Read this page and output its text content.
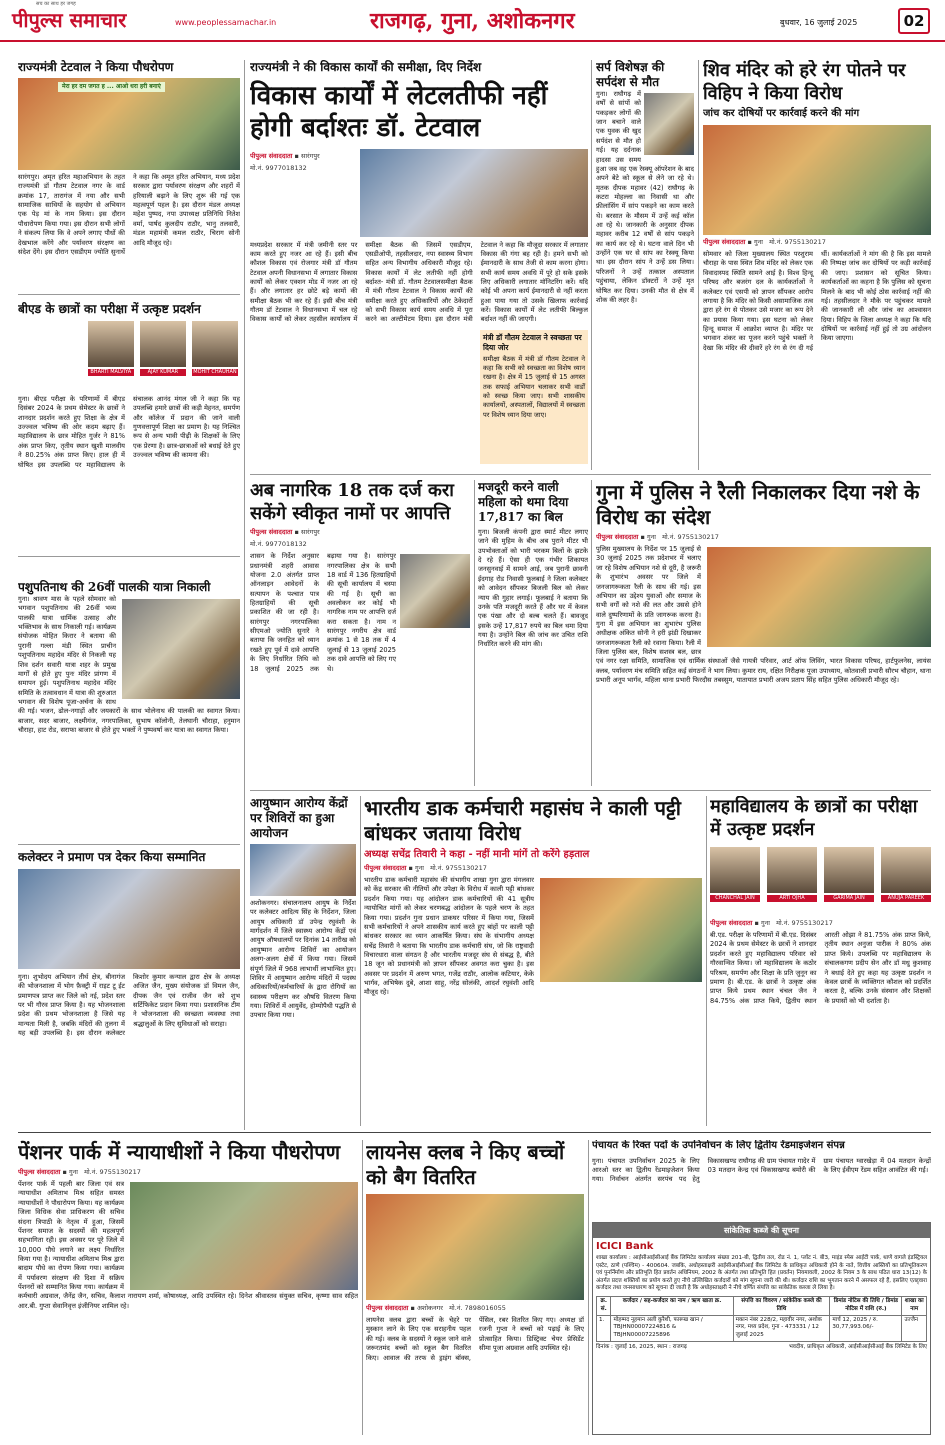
सच का साथ हर जगह
पीपुल्स समाचार	www.peoplessamachar.in	राजगढ़, गुना, अशोकनगर	बुधवार, 16 जुलाई 2025	02
राज्यमंत्री टेटवाल ने किया पौधरोपण
मेरा हर दम जगत ह ... आओ धरा हरी बनाएं
सारंगपुर। अमृत हरित महाअभियान के तहत राज्यमंत्री डॉ गौतम टेटवाल नगर के वार्ड क्रमांक 17, तारागंज में नया और सभी सामाजिक साथियों के सहयोग से अभियान एक पेड़ मां के नाम किया। इस दौरान पौधारोपण किया गया। इस दौरान सभी लोगों ने संकल्प लिया कि वे अपने लगाए पौधों की देखभाल करेंगे और पर्यावरण संरक्षण का संदेश देंगे। इस दौरान एसडीएम ज्योति सुनार्थे ने कहा कि अमृत हरित अभियान, मध्य प्रदेश सरकार द्वारा पर्यावरण संरक्षण और शहरों में हरियाली बढ़ाने के लिए शुरू की गई एक महत्वपूर्ण पहल है। इस दौरान मंडल अध्यक्ष महेश पुष्पद, नपा उपाध्यक्ष प्रतिनिधि नितेश वर्मा, पार्षद कुलदीप राठौर, भानु तलवारी, मंडल महामंत्री कमल राठौर, चिराग सोनी आदि मौजूद रहे।
बीएड के छात्रों का परीक्षा में उत्कृष्ट प्रदर्शन
BHARTI MALVIYA
	AJAY KUMAR
	MOHIT CHAUHAN
गुना। बीएड परीक्षा के परिणामों में बीएड दिसंबर 2024 के प्रथम सेमेस्टर के छात्रों ने शानदार प्रदर्शन करते हुए शिक्षा के क्षेत्र में उज्ज्वल भविष्य की ओर कदम बढ़ाए हैं। महाविद्यालय के छात्र मोहित गुर्जर ने 81% अंक प्राप्त किए, तृतीय स्थान खुशी मालवीय ने 80.25% अंक प्राप्त किए। हाल ही में घोषित इस उपलब्धि पर महाविद्यालय के संचालक आनंद मंगल जी ने कहा कि यह उपलब्धि हमारे छात्रों की कड़ी मेहनत, समर्पण और कॉलेज में प्रदान की जाने वाली गुणवत्तापूर्ण शिक्षा का प्रमाण है। यह निश्चित रूप से अन्य भावी पीढ़ी के शिक्षकों के लिए एक प्रेरणा है। छात्र-छात्राओं को बधाई देते हुए उज्ज्वल भविष्य की कामना की।
पशुपतिनाथ की 26वीं पालकी यात्रा निकाली
गुना। श्रावण मास के पहले सोमवार को भगवान पशुपतिनाथ की 26वीं भव्य पालकी यात्रा धार्मिक उत्साह और भक्तिभाव के साथ निकाली गई। कार्यक्रम संयोजक मोहित किरार ने बताया की पुरानी गल्ला मंडी स्थित प्राचीन पशुपतिनाथ महादेव मंदिर से निकली यह शिव दर्शन सवारी यात्रा शहर के प्रमुख मार्गों से होते हुए पुनः मंदिर प्रांगण में समापन हुई। पशुपतिनाथ महादेव मंदिर समिति के तत्वावधान में यात्रा की शुरुआत भगवान की विशेष पूजा-अर्चना के साथ की गई। भजन, ढोल-नगाड़ों और जयकारों के साथ भोलेनाथ की पालकी का स्वागत किया। बाजार, सदर बाजार, लक्ष्मीगंज, नगरपालिका, सुभाष कॉलोनी, तेलघानी चौराहा, हनुमान चौराहा, हाट रोड, सराफा बाजार से होते हुए भक्तों ने पुष्पवर्षा कर यात्रा का स्वागत किया।
कलेक्टर ने प्रमाण पत्र देकर किया सम्मानित
गुना। शुभोदय अभियान तीर्थ क्षेत्र, बीनागंज की भोजनशाला में भोग फ़ैक्ट्री में राइट टू ईट प्रमाणपत्र प्राप्त कर जिले को नई, प्रदेश स्तर पर भी गौरव प्राप्त किया है। यह भोजनशाला प्रदेश की प्रथम भोजनशाला है जिसे यह मान्यता मिली है, जबकि मंदिरों की तुलना में यह बड़ी उपलब्धि है। इस दौरान कलेक्टर किशोर कुमार कन्याल द्वारा क्षेत्र के अध्यक्ष अजित जैन, मुख्य संयोजक डॉ विमल जैन, दीपक जैन एवं राजीव जैन को शुभ सर्टिफिकेट प्रदान किया गया। प्रशासनिक टीम ने भोजनशाला की स्वच्छता व्यवस्था तथा श्रद्धालुओं के लिए सुविधाओं को सराहा।
राज्यमंत्री ने की विकास कार्यों की समीक्षा, दिए निर्देश
विकास कार्यों में लेटलतीफी नहीं होगी बर्दाश्तः डॉ. टेटवाल
पीपुल्स संवाददाता ▪ सारंगपुर
मो.नं. 9977018132
मध्यप्रदेश सरकार में मंत्री जमीनी स्तर पर काम करते हुए नजर आ रहे हैं। इसी बीच कौशल विकास एवं रोजगार मंत्री डॉ गौतम टेटवाल अपनी विधानसभा में लगातार विकास कार्यों को लेकर एक्शन मोड में नजर आ रहे हैं। और लगातार हर छोटे बड़े कामों की समीक्षा बैठक भी कर रहे हैं। इसी बीच मंत्री गौतम डॉ टेटवाल ने विधानसभा में चल रहे विकास कार्यों को लेकर तहसील कार्यालय में समीक्षा बैठक की जिसमें एसडीएम, एसडीओपी, तहसीलदार, नपा स्वास्थ्य विभाग सहित अन्य विभागीय अधिकारी मौजूद रहे। विकास कार्यों में लेट लतीफी नहीं होगी बर्दाश्त- मंत्री डॉ. गौतम टेटवालसमीक्षा बैठक में मंत्री गौतम टेटवाल ने विकास कार्यों की समीक्षा करते हुए अधिकारियों और ठेकेदारों को सभी विकास कार्य समय अवधि में पूरा करने का अल्टीमेटम दिया। इस दौरान मंत्री टेटवाल ने कहा कि मौजूदा सरकार में लगातार विकास की गंगा बह रही है। हमने सभी को ईमानदारी के साथ तेजी से काम करना होगा। सभी कार्य समय अवधि में पूरे हो सके इसके लिए अधिकारी लगातार मॉनिटरिंग करें। यदि कोई भी अपना कार्य ईमानदारी से नहीं करता हुआ पाया गया तो उसके खिलाफ कार्रवाई करें। विकास कार्यों में लेट लतीफी बिल्कुल बर्दाश्त नहीं की जाएगी।
मंत्री डॉ गौतम टेटवाल ने स्वच्छता पर दिया जोर
समीक्षा बैठक में मंत्री डॉ गौतम टेटवाल ने कहा कि सभी को स्वच्छता का विशेष ध्यान रखना है। क्षेत्र में 15 जुलाई से 15 अगस्त तक सफाई अभियान चलाकर सभी वार्डों को स्वच्छ किया जाए। सभी शासकीय कार्यालयों, अस्पतालों, विद्यालयों में स्वच्छता पर विशेष ध्यान दिया जाए।
सर्प विशेषज्ञ की सर्पदंश से मौत
गुना। राघौगढ़ में वर्षों से सांपों को पकड़कर लोगों की जान बचाने वाले एक युवक की खुद सर्पदंश से मौत हो गई। यह दर्दनाक हादसा उस समय हुआ जब वह एक रेस्क्यू ऑपरेशन के बाद अपने बेटे को स्कूल से लेने जा रहे थे। मृतक दीपक महावर (42) राघौगढ़ के कटरा मोहल्ला का निवासी था और फ्रीलांसिंग में सांप पकड़ने का काम करते थे। बरसात के मौसम में उन्हें कई कॉल आ रहे थे। जानकारी के अनुसार दीपक महावर करीब 12 वर्षों से सांप पकड़ने का कार्य कर रहे थे। घटना वाले दिन भी उन्होंने एक घर से सांप का रेस्क्यू किया था। इस दौरान सांप ने उन्हें डस लिया। परिजनों ने उन्हें तत्काल अस्पताल पहुंचाया, लेकिन डॉक्टरों ने उन्हें मृत घोषित कर दिया। उनकी मौत से क्षेत्र में शोक की लहर है।
शिव मंदिर को हरे रंग पोतने पर विहिप ने किया विरोध
जांच कर दोषियों पर कार्रवाई करने की मांग
पीपुल्स संवाददाता ▪ गुना मो.नं. 9755130217
सोमवार को जिला मुख्यालय स्थित परशुराम चौराहा के पास स्थित शिव मंदिर को लेकर एक विवादास्पद स्थिति सामने आई है। विश्व हिन्दू परिषद और बजरंग दल के कार्यकर्ताओं ने कलेक्टर एवं एसपी को ज्ञापन सौंपकर आरोप लगाया है कि मंदिर को किसी असामाजिक तत्व द्वारा हरे रंग से पोतकर उसे मजार का रूप देने का प्रयास किया गया। इस घटना को लेकर हिन्दू समाज में आक्रोश व्याप्त है। मंदिर पर भगवान शंकर का पूजन करने पहुंचे भक्तों ने देखा कि मंदिर की दीवारें हरे रंग से रंग दी गई थीं। कार्यकर्ताओं ने मांग की है कि इस मामले की निष्पक्ष जांच कर दोषियों पर कड़ी कार्रवाई की जाए। प्रशासन को सूचित किया। कार्यकर्ताओं का कहना है कि पुलिस को सूचना मिलने के बाद भी कोई ठोस कार्रवाई नहीं की गई। तहसीलदार ने मौके पर पहुंचकर मामले की जानकारी ली और जांच का आश्वासन दिया। विहिप के जिला अध्यक्ष ने कहा कि यदि दोषियों पर कार्रवाई नहीं हुई तो उग्र आंदोलन किया जाएगा।
अब नागरिक 18 तक दर्ज करा सकेंगे स्वीकृत नामों पर आपत्ति
पीपुल्स संवाददाता ▪ सारंगपुर
मो.नं. 9977018132
शासन के निर्देश अनुसार प्रधानमंत्री शहरी आवास योजना 2.0 अंतर्गत प्राप्त ऑनलाइन आवेदनों के सत्यापन के पश्चात पात्र हितग्राहियों की सूची प्रकाशित की जा रही है। सारंगपुर नगरपालिका सीएमओ ज्योति सुनारे ने बताया कि जनहित को ध्यान रखते हुए पूर्व में दावे आपत्ति के लिए निर्धारित तिथि को 18 जुलाई 2025 तक बढ़ाया गया है। सारंगपुर नगरपालिका क्षेत्र के सभी 18 वार्ड में 136 हितग्राहियों की सूची कार्यालय में चस्पा की गई है। सूची का अवलोकन कर कोई भी नागरिक नाम पर आपत्ति दर्ज करा सकता है। नाम न सारंगपुर नगरीय क्षेत्र वार्ड क्रमांक 1 से 18 तक में 4 जुलाई से 13 जुलाई 2025 तक दावे आपत्ति को लिए गए थे।
मजदूरी करने वाली महिला को थमा दिया 17,817 का बिल
गुना। बिजली कंपनी द्वारा स्मार्ट मीटर लगाए जाने की मुहिम के बीच अब पुराने मीटर भी उपभोक्ताओं को भारी भरकम बिलों के झटके दे रहे हैं। ऐसा ही एक गंभीर शिकायत जनसुनवाई में सामने आई, जब पुरानी छावनी ईदगाह रोड निवासी फूलबाई ने जिला कलेक्टर को आवेदन सौंपकर बिजली बिल को लेकर न्याय की गुहार लगाई। फूलबाई ने बताया कि उनके पति मजदूरी करते हैं और घर में केवल एक पंखा और दो बल्ब चलते हैं। बावजूद इसके उन्हें 17,817 रुपये का बिल थमा दिया गया है। उन्होंने बिल की जांच कर उचित राशि निर्धारित करने की मांग की।
गुना में पुलिस ने रैली निकालकर दिया नशे के विरोध का संदेश
पीपुल्स संवाददाता ▪ गुना मो.नं. 9755130217
पुलिस मुख्यालय के निर्देश पर 15 जुलाई से 30 जुलाई 2025 तक प्रदेशभर में चलाए जा रहे विशेष अभियान नशे से दूरी, है जरूरी के शुभारंभ अवसर पर जिले में जनजागरूकता रैली के साथ की गई। इस अभियान का उद्देश्य युवाओं और समाज के सभी वर्गों को नशे की लत और उससे होने वाले दुष्परिणामों के प्रति जागरूक करना है। गुना में इस अभियान का शुभारंभ पुलिस अधीक्षक अंकित सोनी ने हरी झंडी दिखाकर जनजागरूकता रैली को रवाना किया। रैली में जिला पुलिस बल, विशेष सशस्त्र बल, छात्र एवं नगर रक्षा समिति, सामाजिक एवं धार्मिक संस्थाओं जैसे गायत्री परिवार, आर्ट ऑफ लिविंग, भारत विकास परिषद, हार्टफुलनेस, लायंस क्लब, पर्यावरण मंच समिति सहित कई संगठनों ने भाग लिया। कुमार राय, रक्षित निरीक्षक पूजा उपाध्याय, कोतवाली प्रभारी सौरभ चौहान, थाना प्रभारी अनूप भार्गव, महिला थाना प्रभारी फिरदौस तबस्सुम, यातायात प्रभारी अजय प्रताप सिंह सहित पुलिस अधिकारी मौजूद रहे।
आयुष्मान आरोग्य केंद्रों पर शिविरों का हुआ आयोजन
अशोकनगर। संचालनालय आयुष के निर्देश पर कलेक्टर आदित्य सिंह के निर्देशन, जिला आयुष अधिकारी डॉ उपेन्द्र रघुवंशी के मार्गदर्शन में जिले स्वास्थ्य आरोग्य केंद्रों एवं आयुष औषधालयों पर दिनांक 14 तारीख को आयुष्मान आरोग्य शिविरों का आयोजन अलग-अलग क्षेत्रों में किया गया। जिसमें संपूर्ण जिले में 968 लाभार्थी लाभान्वित हुए। शिविर में आयुष्मान आरोग्य मंदिरों में पदस्थ अधिकारियों/कर्मचारियों के द्वारा रोगियों का स्वास्थ्य परीक्षण कर औषधि वितरण किया गया। शिविरों में आयुर्वेद, होम्योपैथी पद्धति से उपचार किया गया।
भारतीय डाक कर्मचारी महासंघ ने काली पट्टी बांधकर जताया विरोध
अध्यक्ष सचेंद्र तिवारी ने कहा - नहीं मानी मांगें तो करेंगे हड़ताल
पीपुल्स संवाददाता ▪ गुना मो.नं. 9755130217
भारतीय डाक कर्मचारी महासंघ की संभागीय शाखा गुना द्वारा मंगलवार को केंद्र सरकार की नीतियों और उपेक्षा के विरोध में काली पट्टी बांधकर प्रदर्शन किया गया। यह आंदोलन डाक कर्मचारियों की 41 सूत्रीय न्यायोचित मांगों को लेकर चरणबद्ध आंदोलन के पहले चरण के तहत किया गया। प्रदर्शन गुना प्रधान डाकघर परिसर में किया गया, जिसमें सभी कर्मचारियों ने अपने शासकीय कार्य करते हुए बांहों पर काली पट्टी बांधकर सरकार का ध्यान आकर्षित किया। संघ के संभागीय अध्यक्ष सचेंद्र तिवारी ने बताया कि भारतीय डाक कर्मचारी संघ, जो कि राष्ट्रवादी विचारधारा वाला संगठन है और भारतीय मजदूर संघ से संबद्ध है, बीते 18 जून को प्रधानमंत्री को ज्ञापन सौंपकर अवगत करा चुका है। इस अवसर पर प्रदर्शन में अरुण भगत, गजेंद्र राठौर, आलोक कटियार, केके भार्गव, अभिषेक दुबे, आशा साहू, नरेंद्र सोलंकी, आदर्श रघुवंशी आदि मौजूद रहे।
महाविद्यालय के छात्रों का परीक्षा में उत्कृष्ट प्रदर्शन
CHANCHAL JAIN	ARTI OJHA	GARIMA JAIN	ANUJA PAREEK
पीपुल्स संवाददाता ▪ गुना मो.नं. 9755130217
बी.एड. परीक्षा के परिणामों में बी.एड. दिसंबर 2024 के प्रथम सेमेस्टर के छात्रों ने शानदार प्रदर्शन करते हुए महाविद्यालय परिवार को गौरवान्वित किया। जो महाविद्यालय के कठोर परिश्रम, समर्पण और शिक्षा के प्रति जुनून का प्रमाण है। बी.एड. के छात्रों ने उत्कृष्ट अंक प्राप्त किये प्रथम स्थान चंचल जैन ने 84.75% अंक प्राप्त किये, द्वितीय स्थान आरती ओझा ने 81.75% अंक प्राप्त किये, तृतीय स्थान अनुजा पारीक ने 80% अंक प्राप्त किये। उपलब्धि पर महाविद्यालय के संचालकगण प्रदीप सेन और डॉ मधु कुशवाह ने बधाई देते हुए कहा यह उत्कृष्ट प्रदर्शन न केवल छात्रों के व्यक्तिगत कौशल को प्रदर्शित करता है, बल्कि उनके संस्थान और शिक्षकों के प्रयासों को भी दर्शाता है।
पेंशनर पार्क में न्यायाधीशों ने किया पौधरोपण
पीपुल्स संवाददाता ▪ गुना मो.नं. 9755130217
पेंशनर पार्क में पहली बार जिला एवं सत्र न्यायाधीश अमिताभ मिश्र सहित समस्त न्यायाधीशों ने पौधारोपण किया। यह कार्यक्रम जिला विधिक सेवा प्राधिकरण की सचिव संदना त्रिपाठी के नेतृत्व में हुआ, जिसमें पेंशनर समाज के सदस्यों की महत्वपूर्ण सहभागिता रही। इस अवसर पर पूरे जिले में 10,000 पौधे लगाने का लक्ष्य निर्धारित किया गया है। न्यायाधीश अमिताभ मिश्र द्वारा बादाम पौधे का रोपण किया गया। कार्यक्रम में पर्यावरण संरक्षण की दिशा में सक्रिय पेंशनरों को सम्मानित किया गया। कार्यक्रम में कर्मचारी अग्रवाल, जैनेंद्र जैन, सचिव, कैलाश नारायण शर्मा, कोषाध्यक्ष, आदि उपस्थित रहे। दिनेश श्रीवास्तव संयुक्त सचिव, कृष्णा साव सहित आर.बी. गुप्ता सेवानिवृत्त इंजीनियर शामिल रहे।
लायनेस क्लब ने किए बच्चों को बैग वितरित
पीपुल्स संवाददाता ▪ अशोकनगर मो.नं. 7898016055
लायनेस क्लब द्वारा बच्चों के चेहरे पर मुस्कान लाने के लिए एक सराहनीय पहल की गई। क्लब के सदस्यों ने स्कूल जाने वाले जरूरतमंद बच्चों को स्कूल बैग वितरित किए। आवाल की तरफ से ड्राइंग बॉक्स, पेंसिल, रबर वितरित किए गए। अध्यक्ष डॉ रजनी गुप्ता ने बच्चों को पढ़ाई के लिए प्रोत्साहित किया। डिस्ट्रिक्ट चेयर प्रेसिडेंट सीमा पूजा अग्रवाल आदि उपस्थित रहे।
पंचायत के रिक्त पदों के उपनिर्वाचन के लिए द्वितीय रेंडमाइजेशन संपन्न
गुना। पंचायत उपनिर्वाचन 2025 के लिए आरओ स्तर का द्वितीय रेंडमाइजेशन किया गया। निर्वाचन अंतर्गत सरपंच पद हेतु विकासखण्ड राघौगढ़ की ग्राम पंचायत गादेर में 03 मतदान केन्द्र एवं विकासखण्ड बमोरी की ग्राम पंचायत ग्वारखेड़ा में 04 मतदान केन्द्रों के लिए ईवीएम रेंडम सहित आवंटित की गईं।
सांकेतिक कब्जे की सूचना
ICICI Bank
शाखा कार्यालय : आईसीआईसीआई बैंक लिमिटेड कार्यालय संख्या 201-बी, द्वितीय तल, रोड नं. 1, प्लॉट नं. बी3, माइंड स्पेस आईटी पार्क, थाणे वागले इंडस्ट्रियल एस्टेट, ठाणे (पश्चिम) - 400604. जबकि, अधोहस्ताक्षरी आईसीआईसीआई बैंक लिमिटेड के प्राधिकृत अधिकारी होने के नाते, वित्तीय आस्तियों का प्रतिभूतिकरण एवं पुनर्निर्माण और प्रतिभूति हित प्रवर्तन अधिनियम, 2002 के अंतर्गत तथा प्रतिभूति हित (प्रवर्तन) नियमावली, 2002 के नियम 3 के साथ पठित धारा 13(12) के अंतर्गत प्रदत्त शक्तियों का प्रयोग करते हुए नीचे उल्लिखित कर्जदारों को मांग सूचना जारी की थी। कर्जदार राशि का भुगतान करने में असफल रहे हैं, इसलिए एतद्द्वारा कर्जदार तथा जनसाधारण को सूचना दी जाती है कि अधोहस्ताक्षरी ने नीचे वर्णित संपत्ति का सांकेतिक कब्जा ले लिया है।
क्र. सं.	कर्जदार / सह-कर्जदार का नाम / ऋण खाता क्र.	संपत्ति का विवरण / सांकेतिक कब्जे की तिथि	डिमांड नोटिस की तिथि / डिमांड नोटिस में राशि (रु.)	शाखा का नाम
1.	मोहम्मद नूहमान अली कुरैशी, फारूख खान / TBJHN00007224816 & TBJHN00007225896	मकान नंबर 228/2, महावीर नगर, अशोक नगर, मध्य प्रदेश, गुना - 473331 / 12 जुलाई 2025	मार्च 12, 2025 / रु. 30,77,993.06/-	उज्जैन
दिनांक : जुलाई 16, 2025, स्थान : राजगढ़	भवदीय, प्राधिकृत अधिकारी, आईसीआईसीआई बैंक लिमिटेड के लिए
